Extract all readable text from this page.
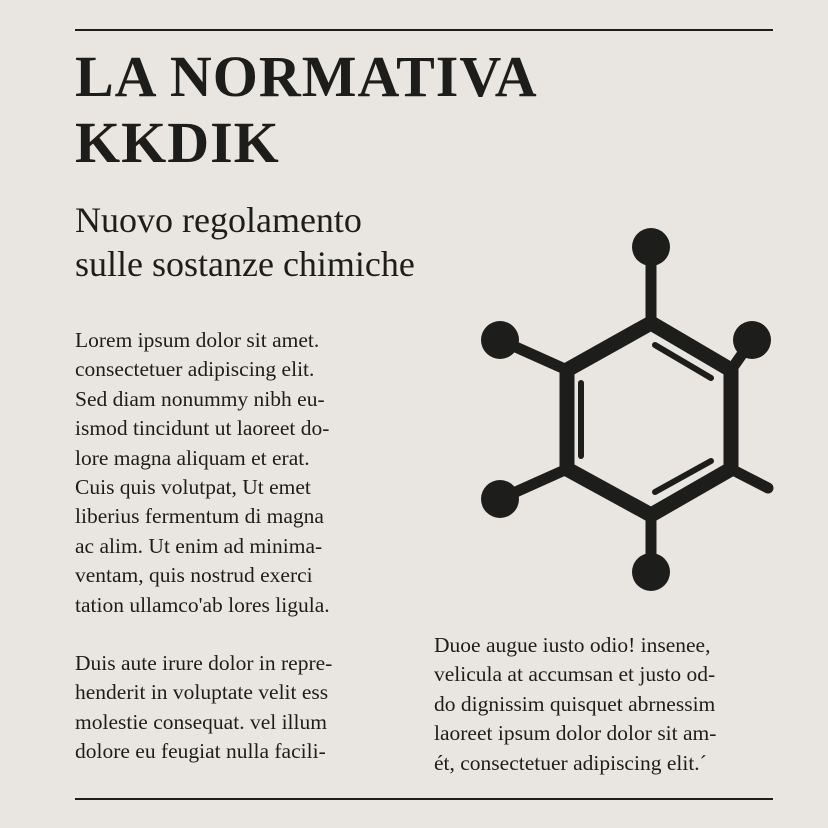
LA NORMATIVA
KKDIK
Nuovo regolamento
sulle sostanze chimiche
Lorem ipsum dolor sit amet.
consectetuer adipiscing elit.
Sed diam nonummy nibh eu-
ismod tincidunt ut laoreet do-
lore magna aliquam et erat.
Cuis quis volutpat, Ut emet
liberius fermentum di magna
ac alim. Ut enim ad minima-
ventam, quis nostrud exerci
tation ullamco'ab lores ligula.
Duis aute irure dolor in repre-
henderit in voluptate velit ess
molestie consequat. vel illum
dolore eu feugiat nulla facili-
Duoe augue iusto odio! insenee,
velicula at accumsan et justo od-
do dignissim quisquet abrnessim
laoreet ipsum dolor dolor sit am-
ét, consectetuer adipiscing elit.´
